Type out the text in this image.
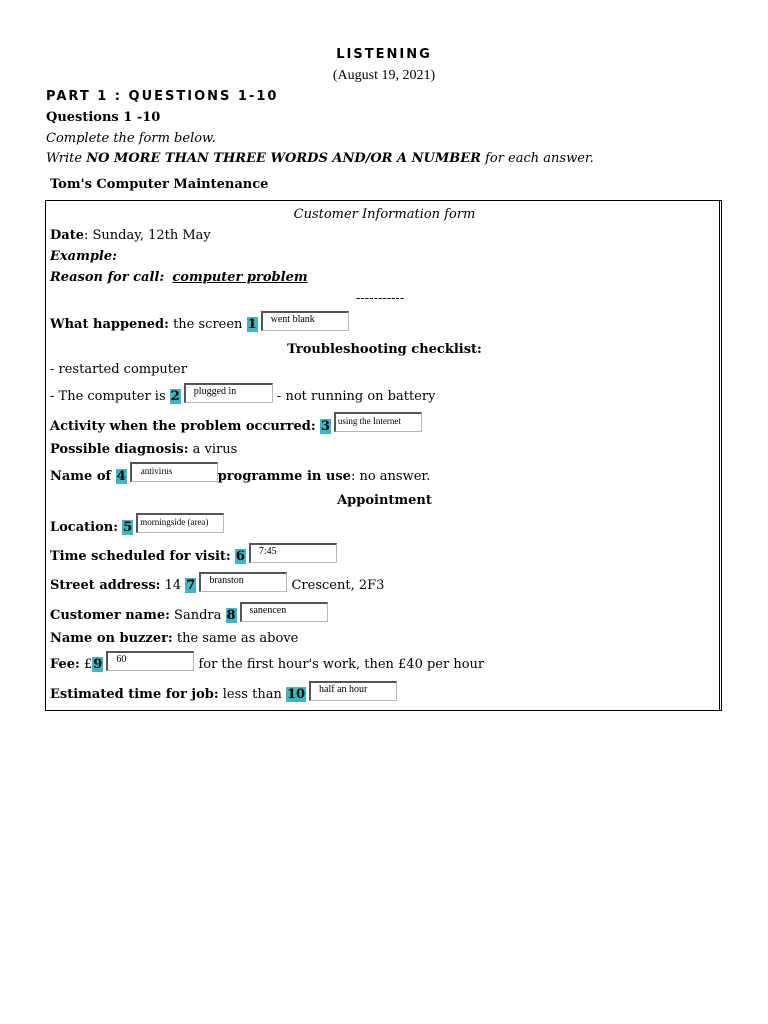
LISTENING
(August 19, 2021)
PART 1 : QUESTIONS 1-10
Questions 1 -10
Complete the form below.
Write NO MORE THAN THREE WORDS AND/OR A NUMBER for each answer.
Tom's Computer Maintenance
Customer Information form
Date: Sunday, 12th May
Example:
Reason for call: computer problem
-----------
What happened: the screen 1 went blank
Troubleshooting checklist:
- restarted computer
- The computer is 2 plugged in	- not running on battery
Activity when the problem occurred: 3 using the Internet
Possible diagnosis: a virus
Name of 4 antivirus	programme in use: no answer.
Appointment
Location: 5 morningside (area)
Time scheduled for visit: 6 7:45
Street address: 14 7 branston	Crescent, 2F3
Customer name: Sandra 8 sanencen
Name on buzzer: the same as above
Fee: £9 60	for the first hour's work, then £40 per hour
Estimated time for job: less than 10 half an hour
